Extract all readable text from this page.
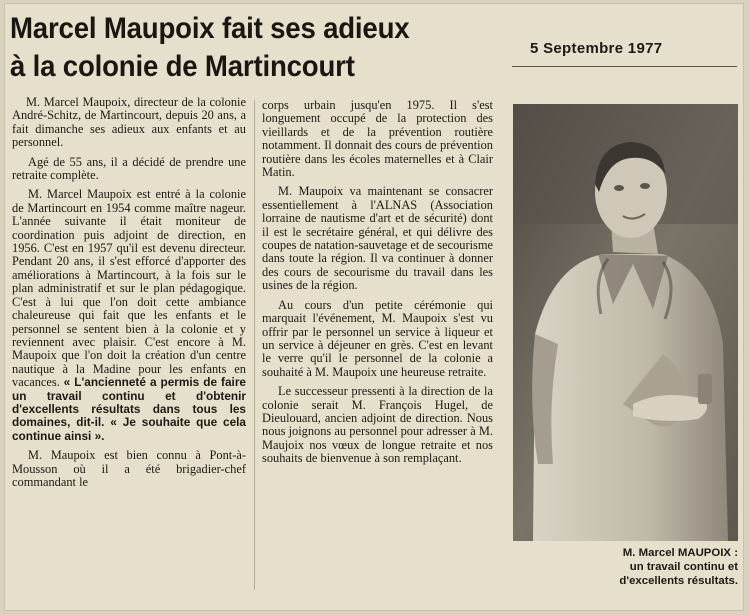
Marcel Maupoix fait ses adieux
à la colonie de Martincourt
5 Septembre 1977

M. Marcel Maupoix, directeur de la colonie André-Schitz, de Martincourt, depuis 20 ans, a fait dimanche ses adieux aux enfants et au personnel.

Agé de 55 ans, il a décidé de prendre une retraite complète.

M. Marcel Maupoix est entré à la colonie de Martincourt en 1954 comme maître nageur. L'année suivante il était moniteur de coordination puis adjoint de direction, en 1956. C'est en 1957 qu'il est devenu directeur. Pendant 20 ans, il s'est efforcé d'apporter des améliorations à Martincourt, à la fois sur le plan administratif et sur le plan pédagogique. C'est à lui que l'on doit cette ambiance chaleureuse qui fait que les enfants et le personnel se sentent bien à la colonie et y reviennent avec plaisir. C'est encore à M. Maupoix que l'on doit la création d'un centre nautique à la Madine pour les enfants en vacances. « L'ancienneté a permis de faire un travail continu et d'obtenir d'excellents résultats dans tous les domaines, dit-il. « Je souhaite que cela continue ainsi ».

M. Maupoix est bien connu à Pont-à-Mousson où il a été brigadier-chef commandant le

corps urbain jusqu'en 1975. Il s'est longuement occupé de la protection des vieillards et de la prévention routière notamment. Il donnait des cours de prévention routière dans les écoles maternelles et à Clair Matin.

M. Maupoix va maintenant se consacrer essentiellement à l'ALNAS (Association lorraine de nautisme d'art et de sécurité) dont il est le secrétaire général, et qui délivre des coupes de natation-sauvetage et de secourisme dans toute la région. Il va continuer à donner des cours de secourisme du travail dans les usines de la région.

Au cours d'un petite cérémonie qui marquait l'événement, M. Maupoix s'est vu offrir par le personnel un service à liqueur et un service à déjeuner en grès. C'est en levant le verre qu'il le personnel de la colonie a souhaité à M. Maupoix une heureuse retraite.

Le successeur pressenti à la direction de la colonie serait M. François Hugel, de Dieulouard, ancien adjoint de direction. Nous nous joignons au personnel pour adresser à M. Maujoix nos vœux de longue retraite et nos souhaits de bienvenue à son remplaçant.

M. Marcel MAUPOIX :
un travail continu et
d'excellents résultats.
